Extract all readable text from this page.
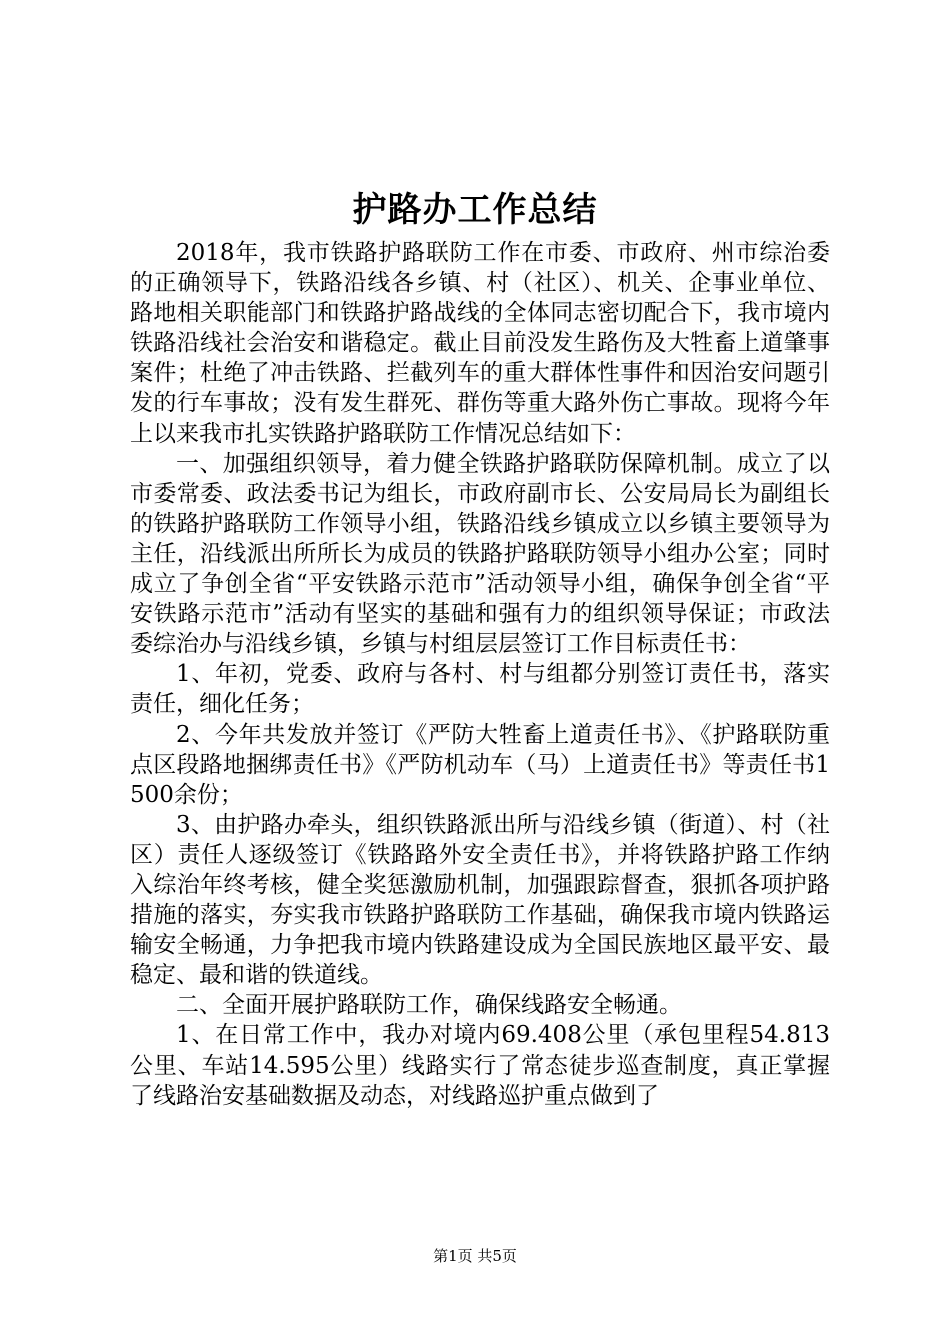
护路办工作总结

2018年，我市铁路护路联防工作在市委、市政府、州市综治委的正确领导下，铁路沿线各乡镇、村（社区）、机关、企事业单位、路地相关职能部门和铁路护路战线的全体同志密切配合下，我市境内铁路沿线社会治安和谐稳定。截止目前没发生路伤及大牲畜上道肇事案件；杜绝了冲击铁路、拦截列车的重大群体性事件和因治安问题引发的行车事故；没有发生群死、群伤等重大路外伤亡事故。现将今年上以来我市扎实铁路护路联防工作情况总结如下：

一、加强组织领导，着力健全铁路护路联防保障机制。成立了以市委常委、政法委书记为组长，市政府副市长、公安局局长为副组长的铁路护路联防工作领导小组，铁路沿线乡镇成立以乡镇主要领导为主任，沿线派出所所长为成员的铁路护路联防领导小组办公室；同时成立了争创全省“平安铁路示范市”活动领导小组，确保争创全省“平安铁路示范市”活动有坚实的基础和强有力的组织领导保证；市政法委综治办与沿线乡镇，乡镇与村组层层签订工作目标责任书：

1、年初，党委、政府与各村、村与组都分别签订责任书，落实责任，细化任务；

2、今年共发放并签订《严防大牲畜上道责任书》、《护路联防重点区段路地捆绑责任书》《严防机动车（马）上道责任书》等责任书1500余份；

3、由护路办牵头，组织铁路派出所与沿线乡镇（街道）、村（社区）责任人逐级签订《铁路路外安全责任书》，并将铁路护路工作纳入综治年终考核，健全奖惩激励机制，加强跟踪督查，狠抓各项护路措施的落实，夯实我市铁路护路联防工作基础，确保我市境内铁路运输安全畅通，力争把我市境内铁路建设成为全国民族地区最平安、最稳定、最和谐的铁道线。

二、全面开展护路联防工作，确保线路安全畅通。

1、在日常工作中，我办对境内69.408公里（承包里程54.813公里、车站14.595公里）线路实行了常态徒步巡查制度，真正掌握了线路治安基础数据及动态，对线路巡护重点做到了

第1页 共5页
